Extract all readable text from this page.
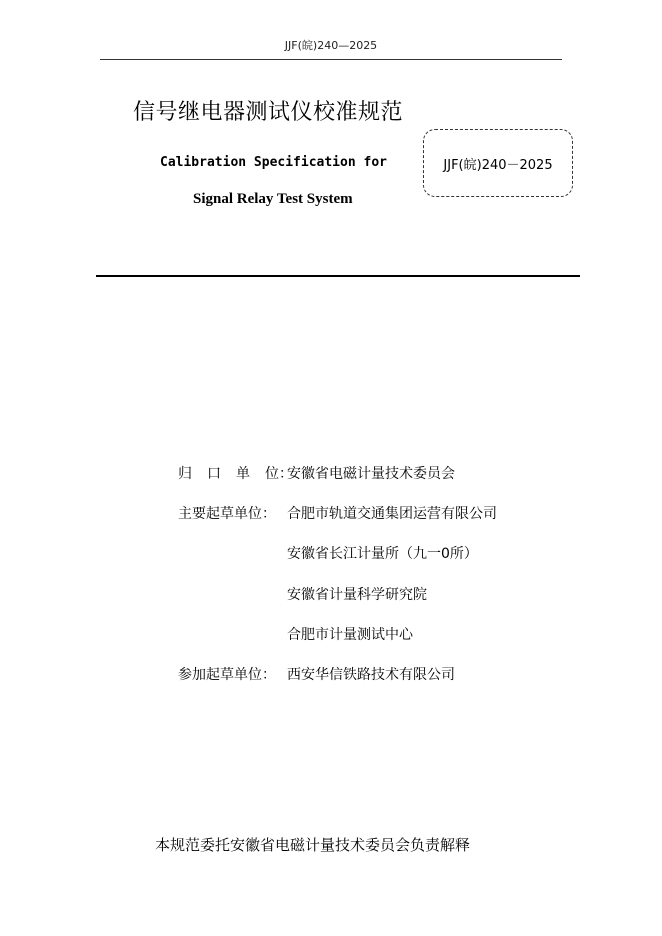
JJF(皖)240—2025
信号继电器测试仪校准规范
Calibration Specification for
Signal Relay Test System
JJF(皖)240－2025
归 口 单 位：
安徽省电磁计量技术委员会
主要起草单位： 合肥市轨道交通集团运营有限公司
安徽省长江计量所（九一0所）
安徽省计量科学研究院
合肥市计量测试中心
参加起草单位： 西安华信铁路技术有限公司
本规范委托安徽省电磁计量技术委员会负责解释
